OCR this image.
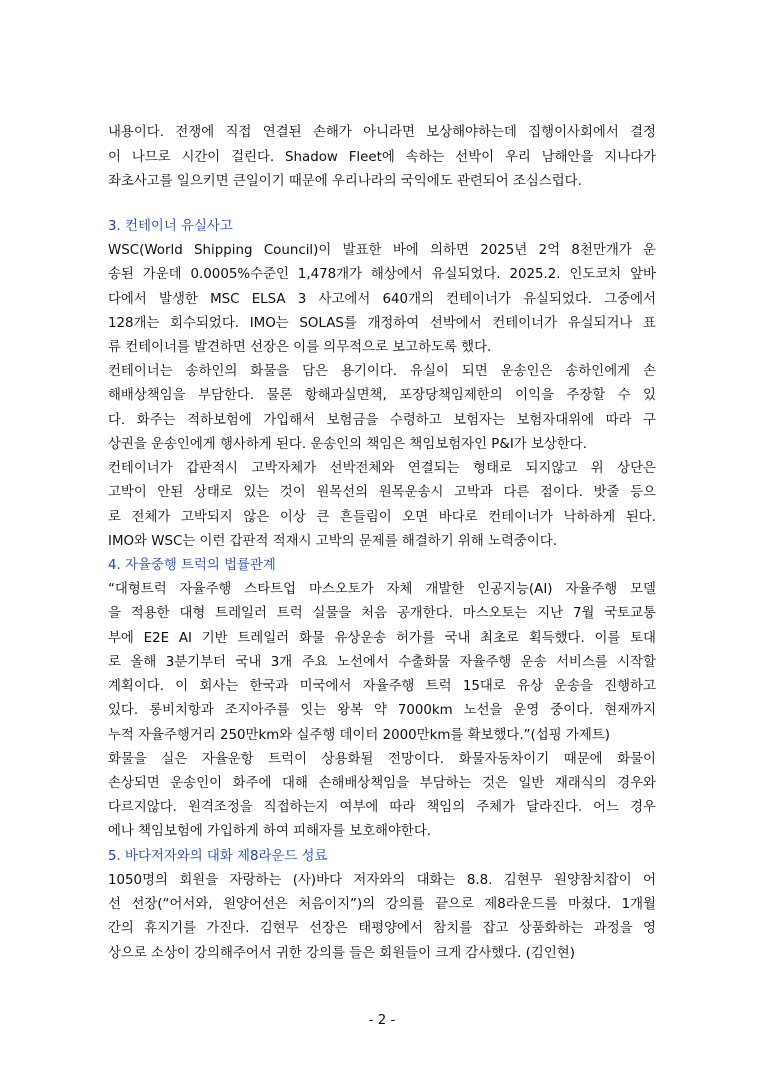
내용이다. 전쟁에 직접 연결된 손해가 아니라면 보상해야하는데 집행이사회에서 결정
이 나므로 시간이 걸린다. Shadow Fleet에 속하는 선박이 우리 남해안을 지나다가
좌초사고를 일으키면 큰일이기 때문에 우리나라의 국익에도 관련되어 조심스럽다.
3. 컨테이너 유실사고
WSC(World Shipping Council)이 발표한 바에 의하면 2025년 2억 8천만개가 운
송된 가운데 0.0005%수준인 1,478개가 해상에서 유실되었다. 2025.2. 인도코치 앞바
다에서 발생한 MSC ELSA 3 사고에서 640개의 컨테이너가 유실되었다. 그중에서
128개는 회수되었다. IMO는 SOLAS를 개정하여 선박에서 컨테이너가 유실되거나 표
류 컨테이너를 발견하면 선장은 이를 의무적으로 보고하도록 했다.
컨테이너는 송하인의 화물을 담은 용기이다. 유실이 되면 운송인은 송하인에게 손
해배상책임을 부담한다. 물론 항해과실면책, 포장당책임제한의 이익을 주장할 수 있
다. 화주는 적하보험에 가입해서 보험금을 수령하고 보험자는 보험자대위에 따라 구
상권을 운송인에게 행사하게 된다. 운송인의 책임은 책임보험자인 P&I가 보상한다.
컨테이너가 갑판적시 고박자체가 선박전체와 연결되는 형태로 되지않고 위 상단은
고박이 안된 상태로 있는 것이 원목선의 원목운송시 고박과 다른 점이다. 밧줄 등으
로 전체가 고박되지 않은 이상 큰 흔들림이 오면 바다로 컨테이너가 낙하하게 된다.
IMO와 WSC는 이런 갑판적 적재시 고박의 문제를 해결하기 위해 노력중이다.
4. 자율중행 트럭의 법률관계
“대형트럭 자율주행 스타트업 마스오토가 자체 개발한 인공지능(AI) 자율주행 모델
을 적용한 대형 트레일러 트럭 실물을 처음 공개한다. 마스오토는 지난 7월 국토교통
부에 E2E AI 기반 트레일러 화물 유상운송 허가를 국내 최초로 획득했다. 이를 토대
로 올해 3분기부터 국내 3개 주요 노선에서 수출화물 자율주행 운송 서비스를 시작할
계획이다. 이 회사는 한국과 미국에서 자율주행 트럭 15대로 유상 운송을 진행하고
있다. 롱비치항과 조지아주를 잇는 왕복 약 7000km 노선을 운영 중이다. 현재까지
누적 자율주행거리 250만km와 실주행 데이터 2000만km를 확보했다.”(섭핑 가제트)
화물을 실은 자율운항 트럭이 상용화될 전망이다. 화물자동차이기 때문에 화물이
손상되면 운송인이 화주에 대해 손해배상책임을 부담하는 것은 일반 재래식의 경우와
다르지않다. 원격조정을 직접하는지 여부에 따라 책임의 주체가 달라진다. 어느 경우
에나 책임보험에 가입하게 하여 피해자를 보호해야한다.
5. 바다저자와의 대화 제8라운드 성료
1050명의 회원을 자랑하는 (사)바다 저자와의 대화는 8.8. 김현무 원양참치잡이 어
선 선장(“어서와, 원양어선은 처음이지”)의 강의를 끝으로 제8라운드를 마쳤다. 1개월
간의 휴지기를 가진다. 김현무 선장은 태평양에서 참치를 잡고 상품화하는 과정을 영
상으로 소상이 강의해주어서 귀한 강의를 들은 회원들이 크게 감사했다. (김인현)
- 2 -
